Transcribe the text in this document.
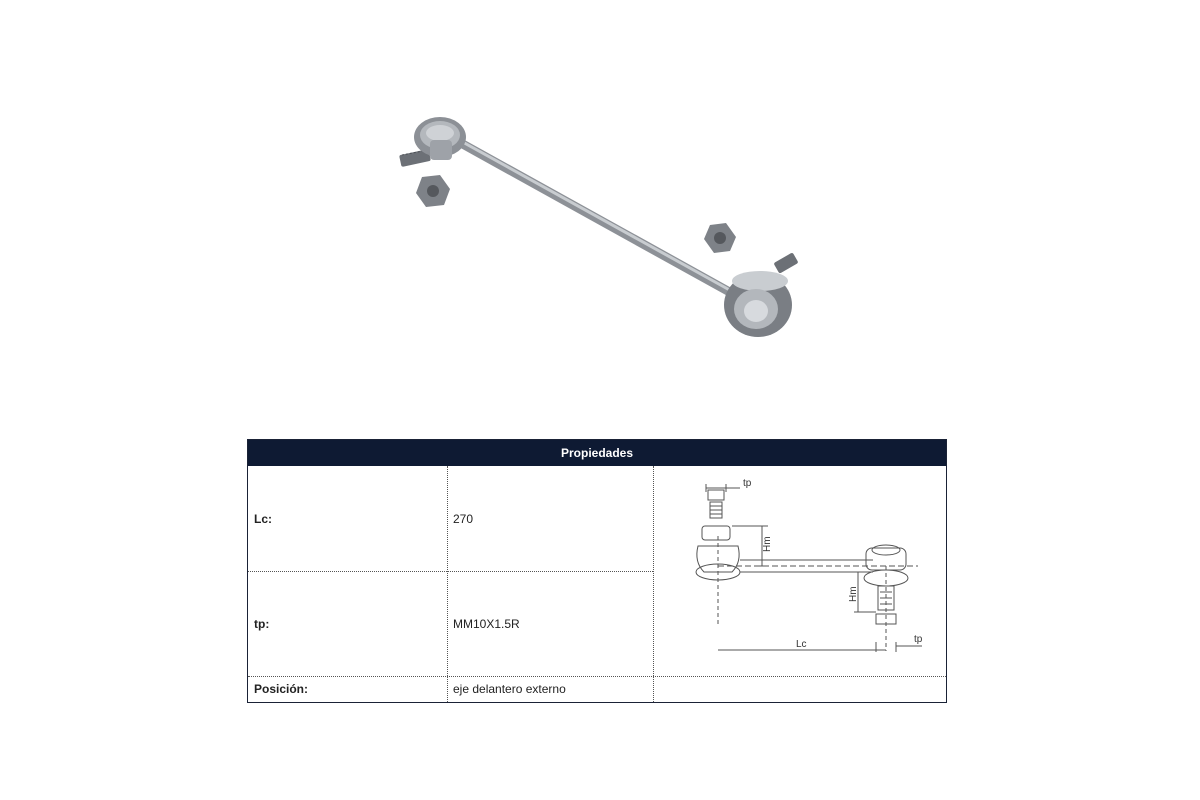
Propiedades
Lc:	270
tp:	MM10X1.5R
Posición:	eje delantero externo
tp
Hm
Hm
Lc	tp
